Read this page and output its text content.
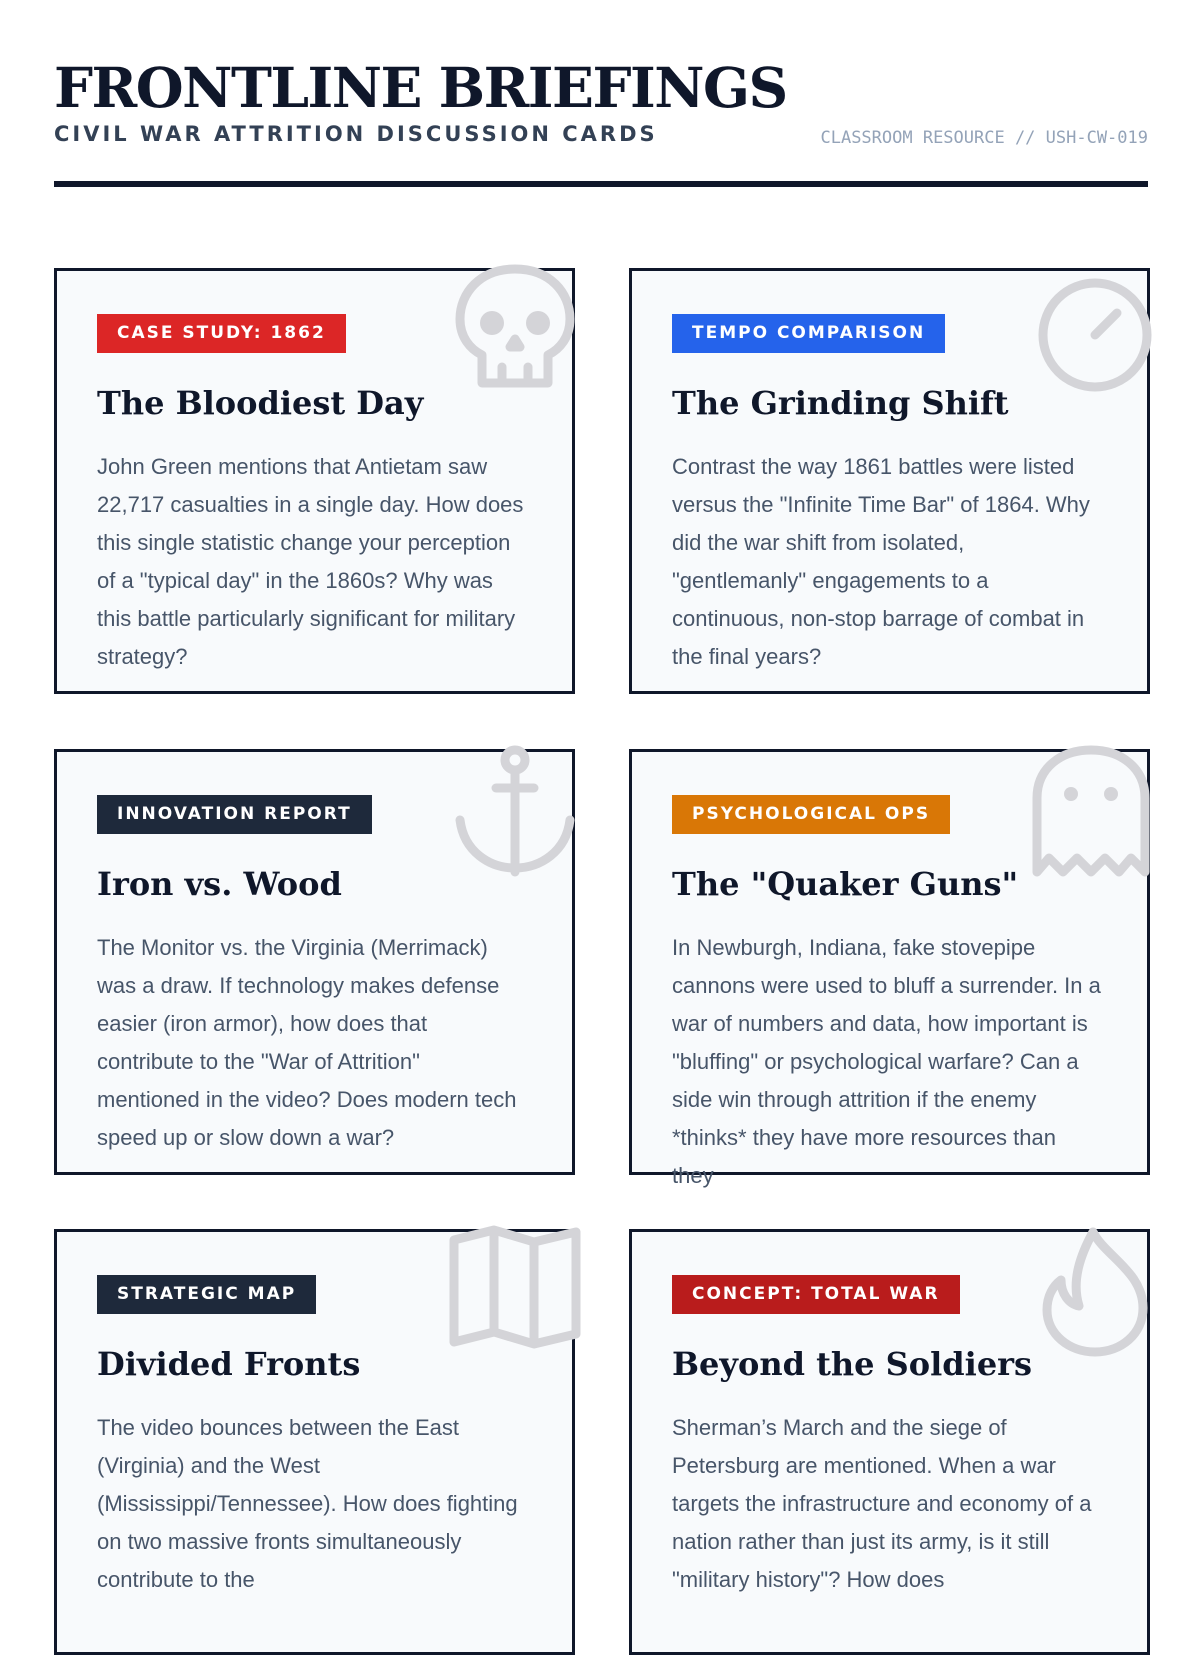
FRONTLINE BRIEFINGS
CIVIL WAR ATTRITION DISCUSSION CARDS	CLASSROOM RESOURCE // USH-CW-019
CASE STUDY: 1862
The Bloodiest Day

John Green mentions that Antietam saw 22,717 casualties in a single day. How does this single statistic change your perception of a "typical day" in the 1860s? Why was this battle particularly significant for military strategy?

TEMPO COMPARISON
The Grinding Shift

Contrast the way 1861 battles were listed versus the "Infinite Time Bar" of 1864. Why did the war shift from isolated, "gentlemanly" engagements to a continuous, non-stop barrage of combat in the final years?

INNOVATION REPORT
Iron vs. Wood

The Monitor vs. the Virginia (Merrimack) was a draw. If technology makes defense easier (iron armor), how does that contribute to the "War of Attrition" mentioned in the video? Does modern tech speed up or slow down a war?

PSYCHOLOGICAL OPS
The "Quaker Guns"

In Newburgh, Indiana, fake stovepipe cannons were used to bluff a surrender. In a war of numbers and data, how important is "bluffing" or psychological warfare? Can a side win through attrition if the enemy *thinks* they have more resources than they

STRATEGIC MAP
Divided Fronts

The video bounces between the East (Virginia) and the West (Mississippi/Tennessee). How does fighting on two massive fronts simultaneously contribute to the

CONCEPT: TOTAL WAR
Beyond the Soldiers

Sherman’s March and the siege of Petersburg are mentioned. When a war targets the infrastructure and economy of a nation rather than just its army, is it still "military history"? How does
